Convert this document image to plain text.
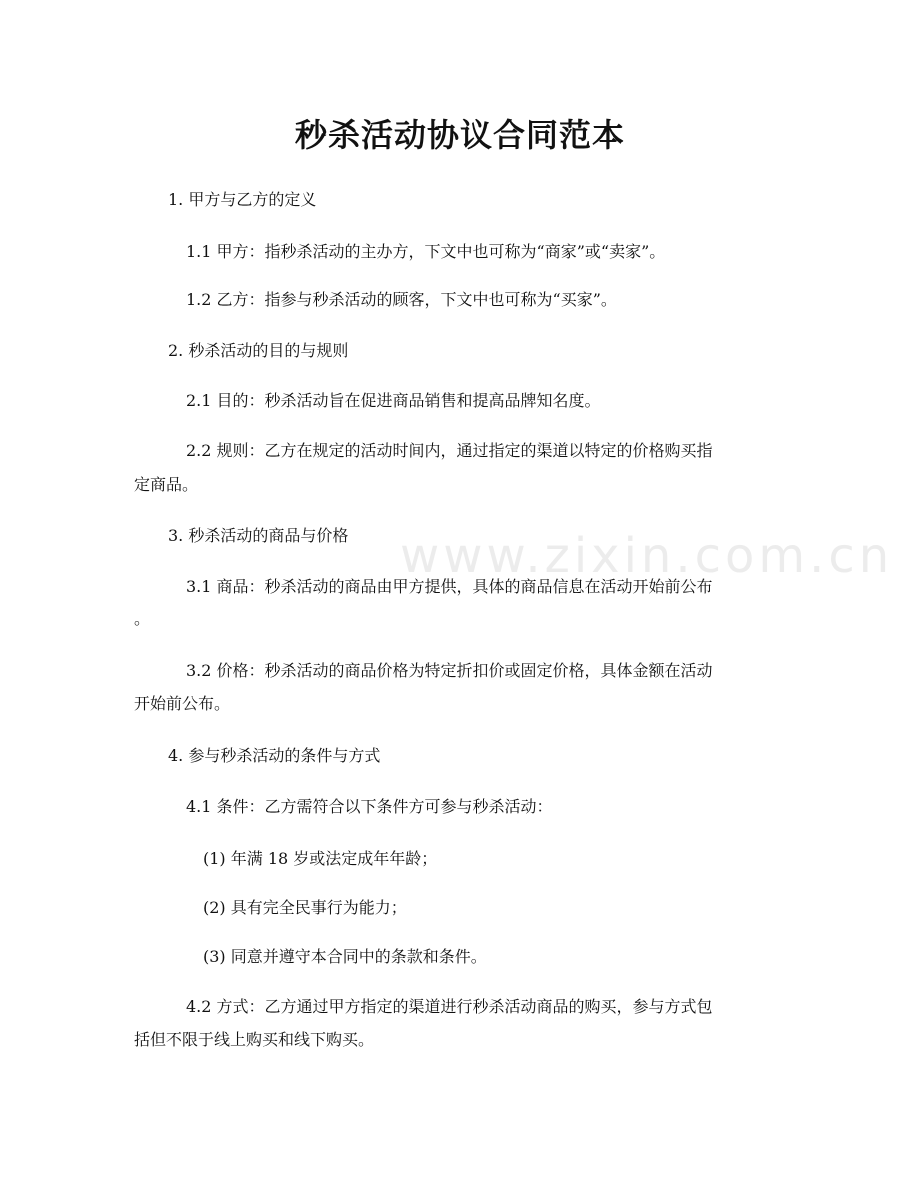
www.zixin.com.cn
秒杀活动协议合同范本

1. 甲方与乙方的定义

1.1 甲方：指秒杀活动的主办方，下文中也可称为“商家”或“卖家”。

1.2 乙方：指参与秒杀活动的顾客，下文中也可称为“买家”。

2. 秒杀活动的目的与规则

2.1 目的：秒杀活动旨在促进商品销售和提高品牌知名度。

2.2 规则：乙方在规定的活动时间内，通过指定的渠道以特定的价格购买指

定商品。

3. 秒杀活动的商品与价格

3.1 商品：秒杀活动的商品由甲方提供，具体的商品信息在活动开始前公布

。

3.2 价格：秒杀活动的商品价格为特定折扣价或固定价格，具体金额在活动

开始前公布。

4. 参与秒杀活动的条件与方式

4.1 条件：乙方需符合以下条件方可参与秒杀活动：

(1) 年满 18 岁或法定成年年龄；

(2) 具有完全民事行为能力；

(3) 同意并遵守本合同中的条款和条件。

4.2 方式：乙方通过甲方指定的渠道进行秒杀活动商品的购买，参与方式包

括但不限于线上购买和线下购买。
